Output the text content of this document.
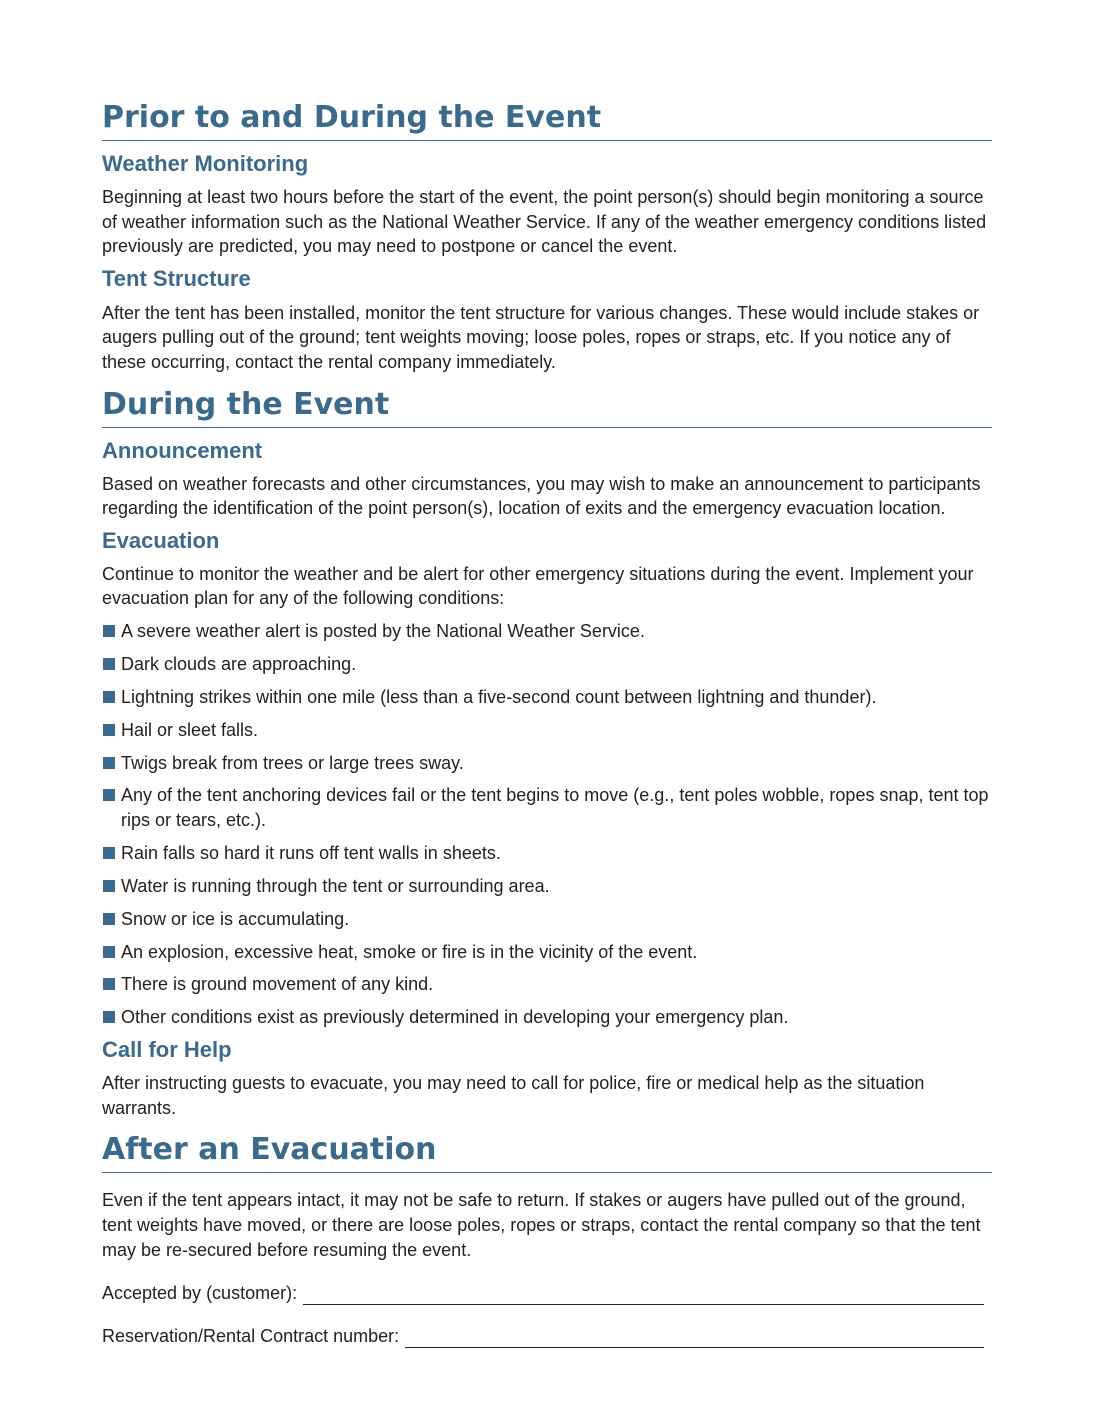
Prior to and During the Event
Weather Monitoring

Beginning at least two hours before the start of the event, the point person(s) should begin monitoring a source of weather information such as the National Weather Service. If any of the weather emergency conditions listed previously are predicted, you may need to postpone or cancel the event.

Tent Structure

After the tent has been installed, monitor the tent structure for various changes. These would include stakes or augers pulling out of the ground; tent weights moving; loose poles, ropes or straps, etc. If you notice any of these occurring, contact the rental company immediately.

During the Event
Announcement

Based on weather forecasts and other circumstances, you may wish to make an announcement to participants regarding the identification of the point person(s), location of exits and the emergency evacuation location.

Evacuation

Continue to monitor the weather and be alert for other emergency situations during the event. Implement your evacuation plan for any of the following conditions:

A severe weather alert is posted by the National Weather Service.
Dark clouds are approaching.
Lightning strikes within one mile (less than a five-second count between lightning and thunder).
Hail or sleet falls.
Twigs break from trees or large trees sway.
Any of the tent anchoring devices fail or the tent begins to move (e.g., tent poles wobble, ropes snap, tent top rips or tears, etc.).
Rain falls so hard it runs off tent walls in sheets.
Water is running through the tent or surrounding area.
Snow or ice is accumulating.
An explosion, excessive heat, smoke or fire is in the vicinity of the event.
There is ground movement of any kind.
Other conditions exist as previously determined in developing your emergency plan.
Call for Help

After instructing guests to evacuate, you may need to call for police, fire or medical help as the situation warrants.

After an Evacuation

Even if the tent appears intact, it may not be safe to return. If stakes or augers have pulled out of the ground, tent weights have moved, or there are loose poles, ropes or straps, contact the rental company so that the tent may be re-secured before resuming the event.

Accepted by (customer):
Reservation/Rental Contract number:
